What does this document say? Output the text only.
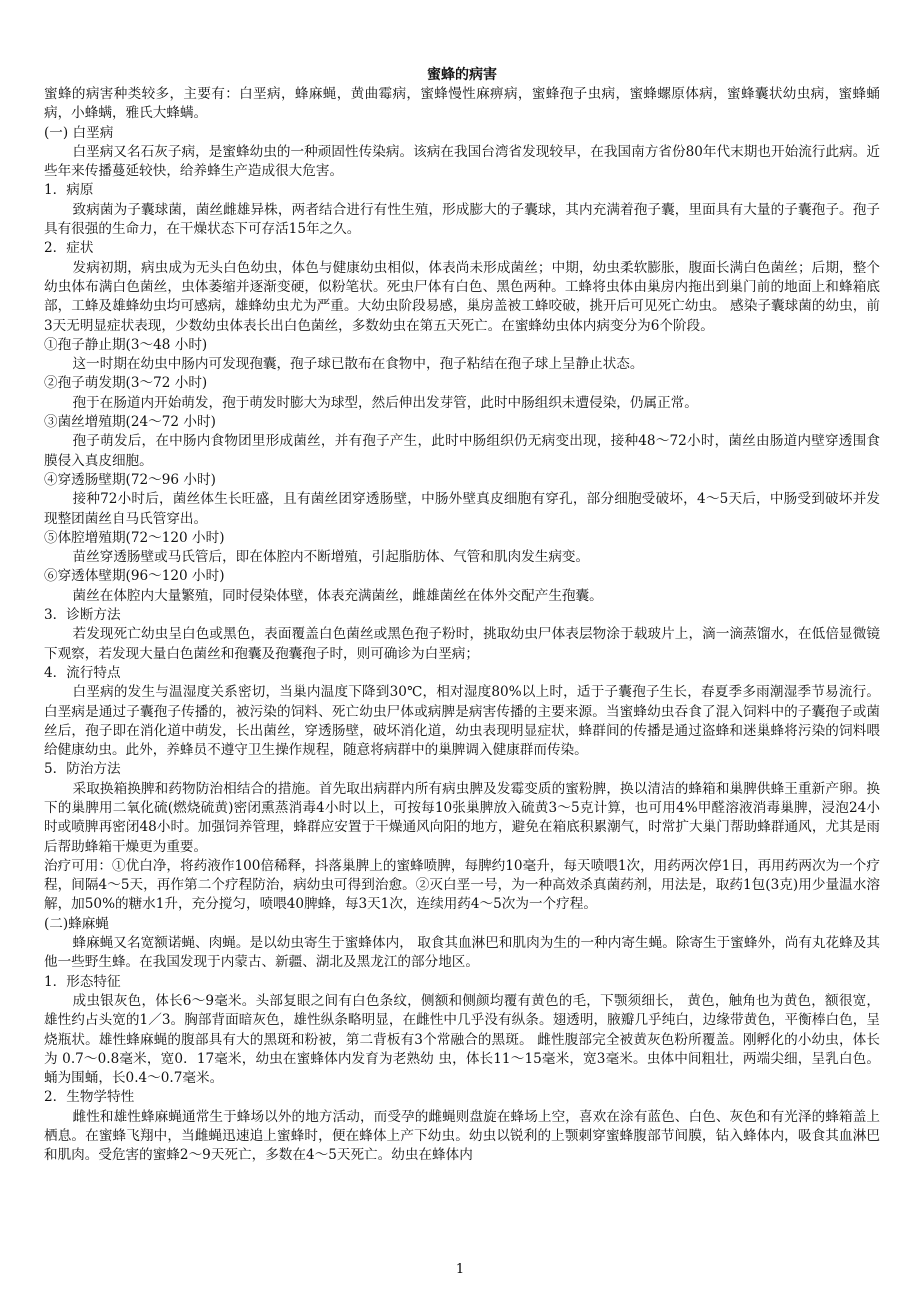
蜜蜂的病害
蜜蜂的病害种类较多，主要有：白垩病，蜂麻蝇，黄曲霉病，蜜蜂慢性麻痹病，蜜蜂孢子虫病，蜜蜂螺原体病，蜜蜂囊状幼虫病，蜜蜂蛹病，小蜂螨，雅氏大蜂螨。
(一) 白垩病
白垩病又名石灰子病，是蜜蜂幼虫的一种顽固性传染病。该病在我国台湾省发现较早，在我国南方省份80年代末期也开始流行此病。近些年来传播蔓延较快，给养蜂生产造成很大危害。
1．病原
致病菌为子囊球菌，菌丝雌雄异株，两者结合进行有性生殖，形成膨大的子囊球，其内充满着孢子囊，里面具有大量的子囊孢子。孢子具有很强的生命力，在干燥状态下可存活15年之久。
2．症状
发病初期，病虫成为无头白色幼虫，体色与健康幼虫相似，体表尚未形成菌丝；中期，幼虫柔软膨胀，腹面长满白色菌丝；后期，整个幼虫体布满白色菌丝，虫体萎缩并逐渐变硬，似粉笔状。死虫尸体有白色、黑色两种。工蜂将虫体由巢房内拖出到巢门前的地面上和蜂箱底部，工蜂及雄蜂幼虫均可感病，雄蜂幼虫尤为严重。大幼虫阶段易感，巢房盖被工蜂咬破，挑开后可见死亡幼虫。 感染子囊球菌的幼虫，前3天无明显症状表现，少数幼虫体表长出白色菌丝，多数幼虫在第五天死亡。在蜜蜂幼虫体内病变分为6个阶段。
①孢子静止期(3～48 小时)
这一时期在幼虫中肠内可发现孢囊，孢子球已散布在食物中，孢子粘结在孢子球上呈静止状态。
②孢子萌发期(3～72 小时)
孢于在肠道内开始萌发，孢于萌发时膨大为球型，然后伸出发芽管，此时中肠组织未遭侵染，仍属正常。
③菌丝增殖期(24～72 小时)
孢子萌发后，在中肠内食物团里形成菌丝，并有孢子产生，此时中肠组织仍无病变出现，接种48～72小时，菌丝由肠道内壁穿透围食膜侵入真皮细胞。
④穿透肠壁期(72～96 小时)
接种72小时后，菌丝体生长旺盛，且有菌丝团穿透肠壁，中肠外壁真皮细胞有穿孔，部分细胞受破坏，4～5天后，中肠受到破坏并发现整团菌丝自马氏管穿出。
⑤体腔增殖期(72～120 小时)
苗丝穿透肠壁或马氏管后，即在体腔内不断增殖，引起脂肪体、气管和肌肉发生病变。
⑥穿透体壁期(96～120 小时)
菌丝在体腔内大量繁殖，同时侵染体壁，体表充满菌丝，雌雄菌丝在体外交配产生孢囊。
3．诊断方法
若发现死亡幼虫呈白色或黑色，表面覆盖白色菌丝或黑色孢子粉时，挑取幼虫尸体表层物涂于载玻片上，滴一滴蒸馏水，在低倍显微镜下观察，若发现大量白色菌丝和孢囊及孢囊孢子时，则可确诊为白垩病；
4．流行特点
白垩病的发生与温湿度关系密切，当巢内温度下降到30℃，相对湿度80%以上时，适于子囊孢子生长，春夏季多雨潮湿季节易流行。白垩病是通过子囊孢子传播的，被污染的饲料、死亡幼虫尸体或病脾是病害传播的主要来源。当蜜蜂幼虫吞食了混入饲料中的子囊孢子或菌丝后，孢子即在消化道中萌发，长出菌丝，穿透肠壁，破坏消化道，幼虫表现明显症状，蜂群间的传播是通过盗蜂和迷巢蜂将污染的饲料喂给健康幼虫。此外，养蜂员不遵守卫生操作规程，随意将病群中的巢脾调入健康群而传染。
5．防治方法
采取换箱换脾和药物防治相结合的措施。首先取出病群内所有病虫脾及发霉变质的蜜粉脾，换以清洁的蜂箱和巢脾供蜂王重新产卵。换下的巢脾用二氧化硫(燃烧硫黄)密闭熏蒸消毒4小时以上，可按每10张巢脾放入硫黄3～5克计算，也可用4%甲醛溶液消毒巢脾，浸泡24小时或喷脾再密闭48小时。加强饲养管理，蜂群应安置于干燥通风向阳的地方，避免在箱底积累潮气，时常扩大巢门帮助蜂群通风，尤其是雨后帮助蜂箱干燥更为重要。
治疗可用：①优白净，将药液作100倍稀释，抖落巢脾上的蜜蜂喷脾，每脾约10毫升，每天喷喂1次，用药两次停1日，再用药两次为一个疗程，间隔4～5天，再作第二个疗程防治，病幼虫可得到治愈。②灭白垩一号，为一种高效杀真菌药剂，用法是，取药1包(3克)用少量温水溶解，加50%的糖水1升，充分搅匀，喷喂40脾蜂，每3天1次，连续用药4～5次为一个疗程。
(二)蜂麻蝇
蜂麻蝇又名宽额诺蝇、肉蝇。是以幼虫寄生于蜜蜂体内， 取食其血淋巴和肌肉为生的一种内寄生蝇。除寄生于蜜蜂外，尚有丸花蜂及其他一些野生蜂。在我国发现于内蒙古、新疆、湖北及黑龙江的部分地区。
1．形态特征
成虫银灰色，体长6～9毫米。头部复眼之间有白色条纹，侧额和侧颜均覆有黄色的毛，下颚须细长， 黄色，触角也为黄色，额很宽，雄性约占头宽的1／3。胸部背面暗灰色，雄性纵条略明显，在雌性中几乎没有纵条。翅透明，腋瓣几乎纯白，边缘带黄色，平衡棒白色，呈烧瓶状。雄性蜂麻蝇的腹部具有大的黑斑和粉被，第二背板有3个常融合的黑斑。 雌性腹部完全被黄灰色粉所覆盖。刚孵化的小幼虫，体长为 0.7～0.8毫米，宽0．17毫米，幼虫在蜜蜂体内发育为老熟幼 虫，体长11～15毫米，宽3毫米。虫体中间粗壮，两端尖细，呈乳白色。蛹为围蛹，长0.4～0.7毫米。
2．生物学特性
雌性和雄性蜂麻蝇通常生于蜂场以外的地方活动，而受孕的雌蝇则盘旋在蜂场上空，喜欢在涂有蓝色、白色、灰色和有光泽的蜂箱盖上栖息。在蜜蜂飞翔中，当雌蝇迅速追上蜜蜂时，便在蜂体上产下幼虫。幼虫以锐利的上颚刺穿蜜蜂腹部节间膜，钻入蜂体内，吸食其血淋巴和肌肉。受危害的蜜蜂2～9天死亡，多数在4～5天死亡。幼虫在蜂体内
1
